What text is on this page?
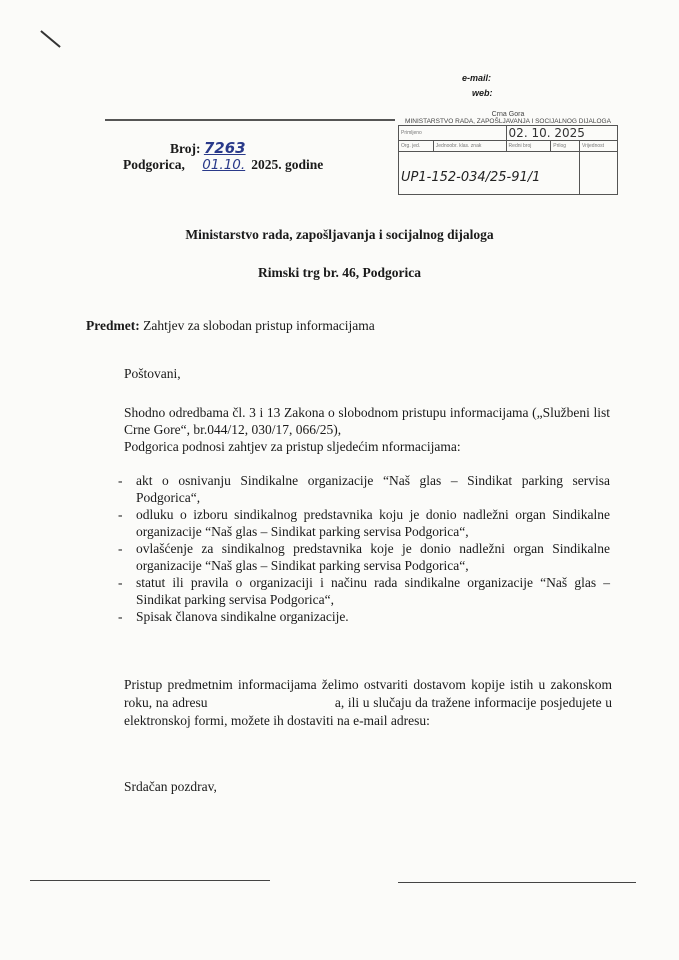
e-mail:
web:
Crna Gora
MINISTARSTVO RADA, ZAPOŠLJAVANJA I SOCIJALNOG DIJALOGA
Primljeno		02. 10. 2025		
Org. jed.	Jednoobr. klas. znak	Redni broj	Prilog	Vrijednost
UP1-152-034/25-91/1				
Broj: 7263
Podgorica, 01.10. 2025. godine
Ministarstvo rada, zapošljavanja i socijalnog dijaloga
Rimski trg br. 46, Podgorica
Predmet: Zahtjev za slobodan pristup informacijama
Poštovani,
Shodno odredbama čl. 3 i 13 Zakona o slobodnom pristupu informacijama („Službeni list Crne Gore“, br.044/12, 030/17, 066/25),
Podgorica podnosi zahtjev za pristup sljedećim nformacijama:
- akt o osnivanju Sindikalne organizacije “Naš glas – Sindikat parking servisa Podgorica“,
- odluku o izboru sindikalnog predstavnika koju je donio nadležni organ Sindikalne organizacije “Naš glas – Sindikat parking servisa Podgorica“,
- ovlašćenje za sindikalnog predstavnika koje je donio nadležni organ Sindikalne organizacije “Naš glas – Sindikat parking servisa Podgorica“,
- statut ili pravila o organizaciji i načinu rada sindikalne organizacije “Naš glas – Sindikat parking servisa Podgorica“,
- Spisak članova sindikalne organizacije.
Pristup predmetnim informacijama želimo ostvariti dostavom kopije istih u zakonskom roku, na adresu	a, ili u slučaju da tražene informacije posjedujete u elektronskoj formi, možete ih dostaviti na e-mail adresu:
Srdačan pozdrav,
